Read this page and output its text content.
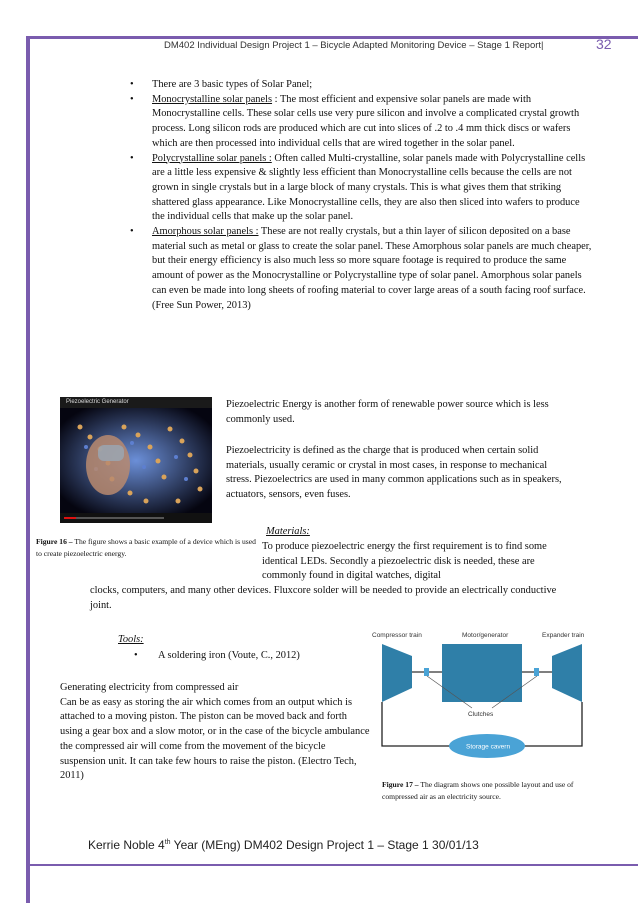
DM402 Individual Design Project 1 – Bicycle Adapted Monitoring Device – Stage 1 Report|	32
• There are 3 basic types of Solar Panel;
• Monocrystalline solar panels : The most efficient and expensive solar panels are made with Monocrystalline cells. These solar cells use very pure silicon and involve a complicated crystal growth process. Long silicon rods are produced which are cut into slices of .2 to .4 mm thick discs or wafers which are then processed into individual cells that are wired together in the solar panel.
• Polycrystalline solar panels : Often called Multi-crystalline, solar panels made with Polycrystalline cells are a little less expensive & slightly less efficient than Monocrystalline cells because the cells are not grown in single crystals but in a large block of many crystals. This is what gives them that striking shattered glass appearance. Like Monocrystalline cells, they are also then sliced into wafers to produce the individual cells that make up the solar panel.
• Amorphous solar panels : These are not really crystals, but a thin layer of silicon deposited on a base material such as metal or glass to create the solar panel. These Amorphous solar panels are much cheaper, but their energy efficiency is also much less so more square footage is required to produce the same amount of power as the Monocrystalline or Polycrystalline type of solar panel. Amorphous solar panels can even be made into long sheets of roofing material to cover large areas of a south facing roof surface. (Free Sun Power, 2013)
Piezoelectric Generator	Piezoelectric Energy is another form of renewable power source which is less commonly used.
Piezoelectricity is defined as the charge that is produced when certain solid materials, usually ceramic or crystal in most cases, in response to mechanical stress. Piezoelectrics are used in many common applications such as in speakers, actuators, sensors, even fuses.
Materials:
Figure 16 – The figure shows a basic example of a device which is used to create piezoelectric energy.
To produce piezoelectric energy the first requirement is to find some identical LEDs. Secondly a piezoelectric disk is needed, these are commonly found in digital watches, digital
clocks, computers, and many other devices. Fluxcore solder will be needed to provide an electrically conductive joint.
Tools:
A soldering iron (Voute, C., 2012)
Generating electricity from compressed air
Can be as easy as storing the air which comes from an output which is attached to a moving piston. The piston can be moved back and forth using a gear box and a slow motor, or in the case of the bicycle ambulance the compressed air will come from the movement of the bicycle suspension unit. It can take few hours to raise the piston. (Electro Tech, 2011)
Compressor train	Motor/generator	Expander train
Clutches
Storage cavern
Figure 17 – The diagram shows one possible layout and use of compressed air as an electricity source.
Kerrie Noble 4th Year (MEng) DM402 Design Project 1 – Stage 1 30/01/13
